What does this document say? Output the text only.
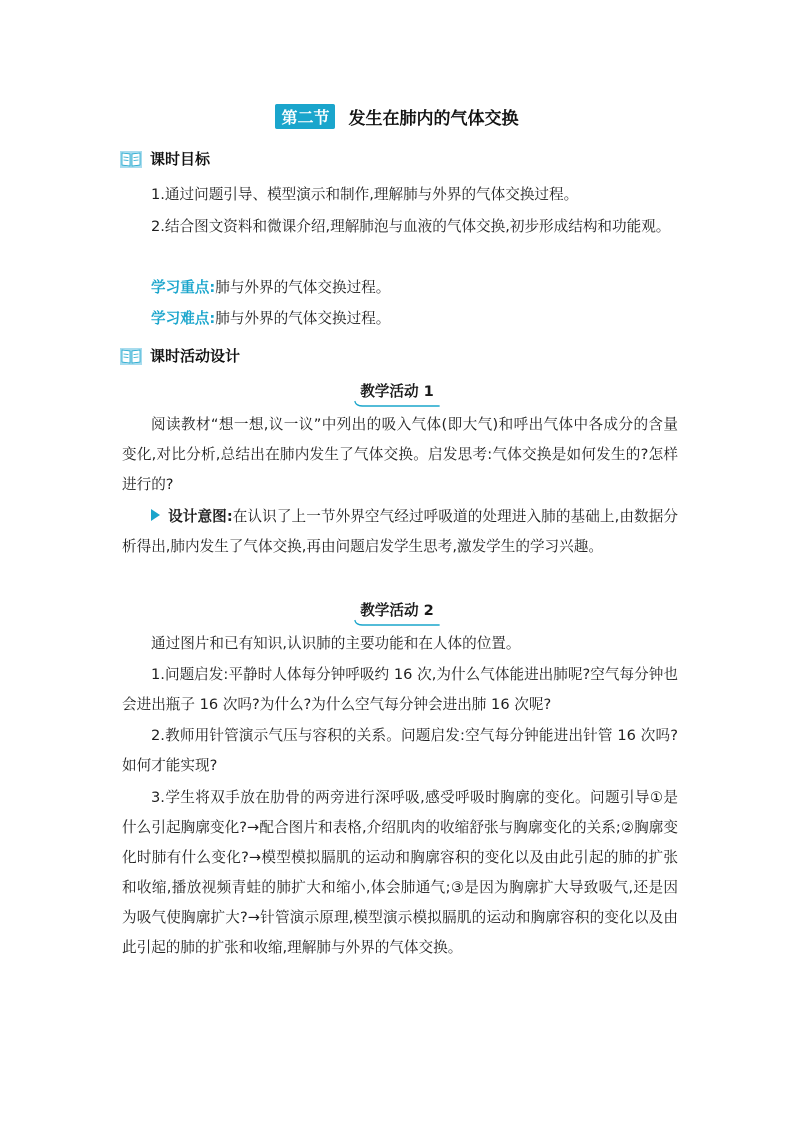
第二节 发生在肺内的气体交换
课时目标
1.通过问题引导、模型演示和制作,理解肺与外界的气体交换过程。
2.结合图文资料和微课介绍,理解肺泡与血液的气体交换,初步形成结构和功能观。
学习重点:肺与外界的气体交换过程。
学习难点:肺与外界的气体交换过程。
课时活动设计
教学活动 1
阅读教材“想一想,议一议”中列出的吸入气体(即大气)和呼出气体中各成分的含量变化,对比分析,总结出在肺内发生了气体交换。启发思考:气体交换是如何发生的?怎样进行的?
设计意图:在认识了上一节外界空气经过呼吸道的处理进入肺的基础上,由数据分析得出,肺内发生了气体交换,再由问题启发学生思考,激发学生的学习兴趣。
教学活动 2
通过图片和已有知识,认识肺的主要功能和在人体的位置。
1.问题启发:平静时人体每分钟呼吸约 16 次,为什么气体能进出肺呢?空气每分钟也会进出瓶子 16 次吗?为什么?为什么空气每分钟会进出肺 16 次呢?
2.教师用针管演示气压与容积的关系。问题启发:空气每分钟能进出针管 16 次吗?如何才能实现?
3.学生将双手放在肋骨的两旁进行深呼吸,感受呼吸时胸廓的变化。问题引导①是什么引起胸廓变化?→配合图片和表格,介绍肌肉的收缩舒张与胸廓变化的关系;②胸廓变化时肺有什么变化?→模型模拟膈肌的运动和胸廓容积的变化以及由此引起的肺的扩张和收缩,播放视频青蛙的肺扩大和缩小,体会肺通气;③是因为胸廓扩大导致吸气,还是因为吸气使胸廓扩大?→针管演示原理,模型演示模拟膈肌的运动和胸廓容积的变化以及由此引起的肺的扩张和收缩,理解肺与外界的气体交换。
